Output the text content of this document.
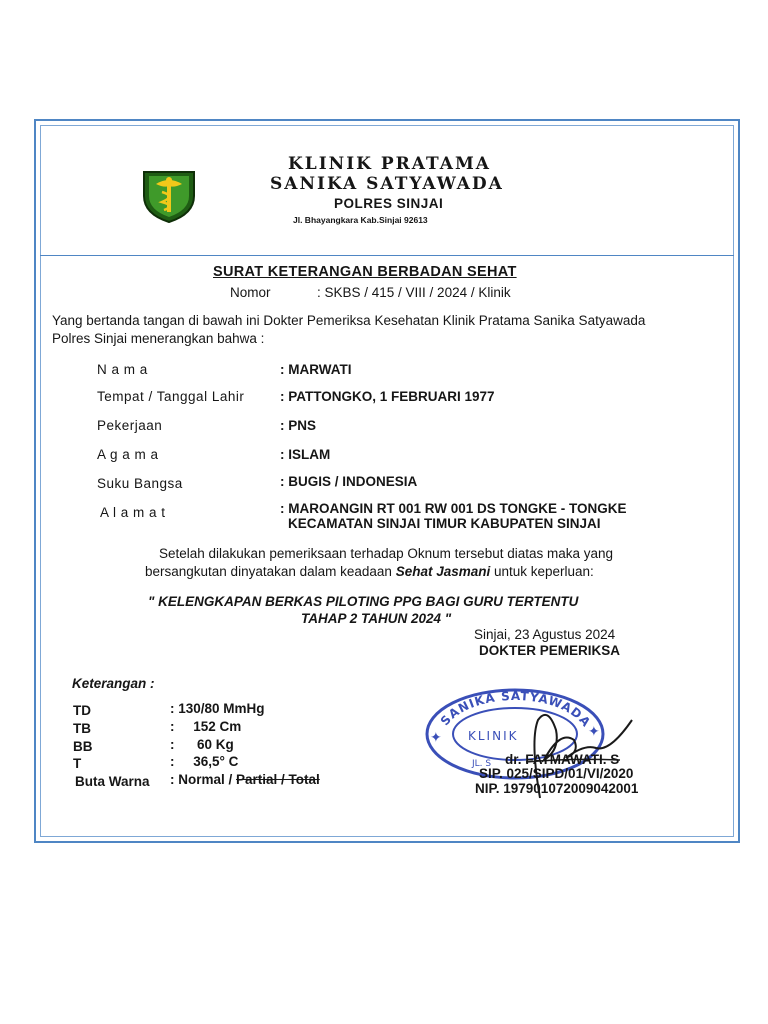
KLINIK PRATAMA
SANIKA SATYAWADA
POLRES SINJAI
Jl. Bhayangkara Kab.Sinjai 92613
SURAT KETERANGAN BERBADAN SEHAT
Nomor	: SKBS / 415 / VIII / 2024 / Klinik
Yang bertanda tangan di bawah ini Dokter Pemeriksa Kesehatan Klinik Pratama Sanika Satyawada
Polres Sinjai menerangkan bahwa :
N a m a	: MARWATI
Tempat / Tanggal Lahir	: PATTONGKO, 1 FEBRUARI 1977
Pekerjaan	: PNS
A g a m a	: ISLAM
Suku Bangsa	: BUGIS / INDONESIA
A l a m a t	: MAROANGIN RT 001 RW 001 DS TONGKE - TONGKE
KECAMATAN SINJAI TIMUR KABUPATEN SINJAI
Setelah dilakukan pemeriksaan terhadap Oknum tersebut diatas maka yang
bersangkutan dinyatakan dalam keadaan Sehat Jasmani untuk keperluan:
" KELENGKAPAN BERKAS PILOTING PPG BAGI GURU TERTENTU
TAHAP 2 TAHUN 2024 "
Sinjai, 23 Agustus 2024
DOKTER PEMERIKSA
Keterangan :
TD	: 130/80 MmHg
TB	:     152 Cm
BB	:      60 Kg
T	:     36,5° C
Buta Warna : Normal / Partial / Total
SANIKA SATYAWADA
KLINIK
JL. S
✦	✦
dr. FATMAWATI. S
SIP. 025/SIPD/01/VI/2020
NIP. 197901072009042001
